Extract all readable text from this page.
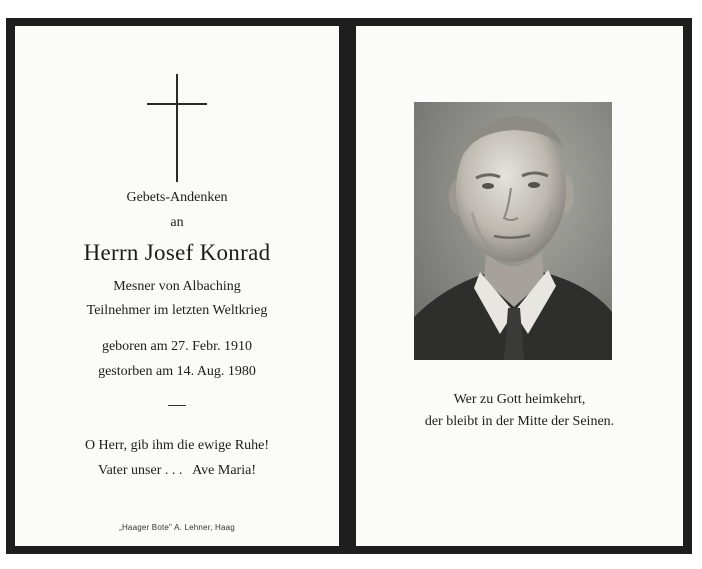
Gebets-Andenken
an
Herrn Josef Konrad
Mesner von Albaching
Teilnehmer im letzten Weltkrieg
geboren am 27. Febr. 1910
gestorben am 14. Aug. 1980
O Herr, gib ihm die ewige Ruhe!
Vater unser . . .   Ave Maria!
„Haager Bote" A. Lehner, Haag
Wer zu Gott heimkehrt,
der bleibt in der Mitte der Seinen.
